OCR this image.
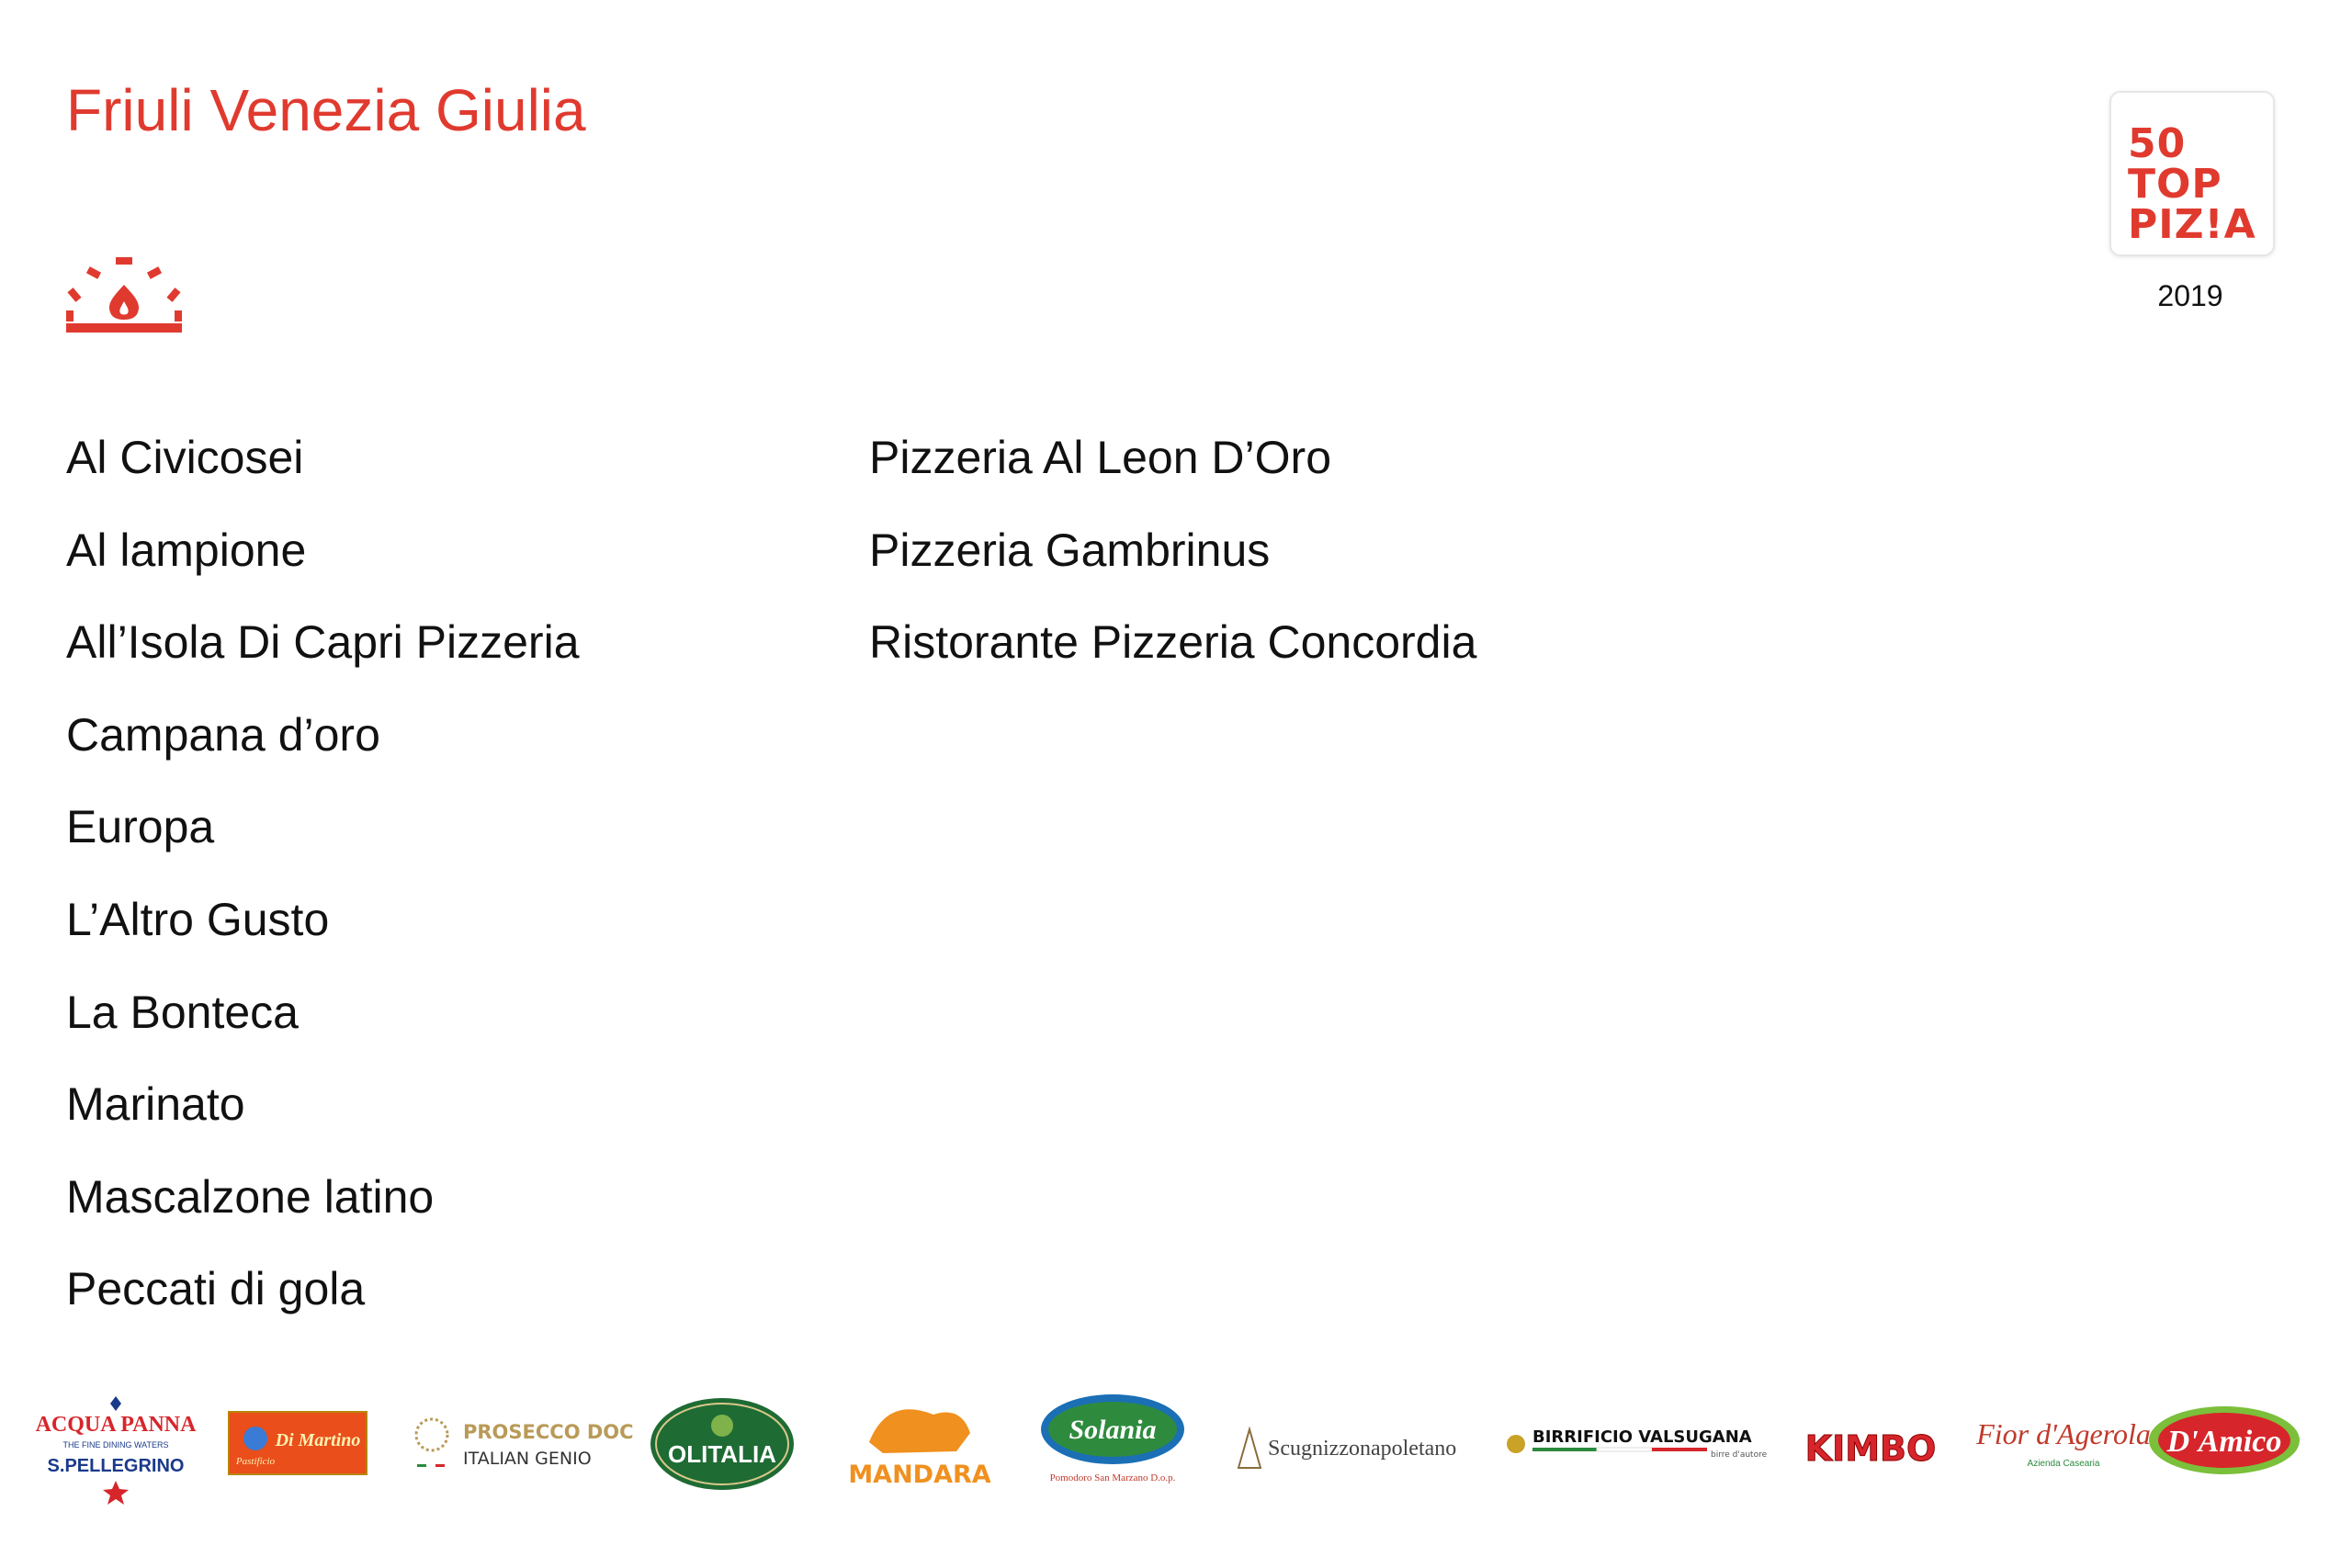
Friuli Venezia Giulia
50
TOP
PIZ!A
2019
Al Civicosei
Al lampione
All’Isola Di Capri Pizzeria
Campana d’oro
Europa
L’Altro Gusto
La Bonteca
Marinato
Mascalzone latino
Peccati di gola
Pizzeria Al Leon D’Oro
Pizzeria Gambrinus
Ristorante Pizzeria Concordia
ACQUA PANNA
THE FINE DINING WATERS
S.PELLEGRINO	Pastificio
Di Martino	PROSECCO DOC
ITALIAN GENIO	OLITALIA
MANDARA
Solania
Pomodoro San Marzano D.o.p.
Scugnizzonapoletano	BIRRIFICIO VALSUGANA
birre d'autore KIMBO Fior d'Agerola
Azienda Casearia
D'Amico
